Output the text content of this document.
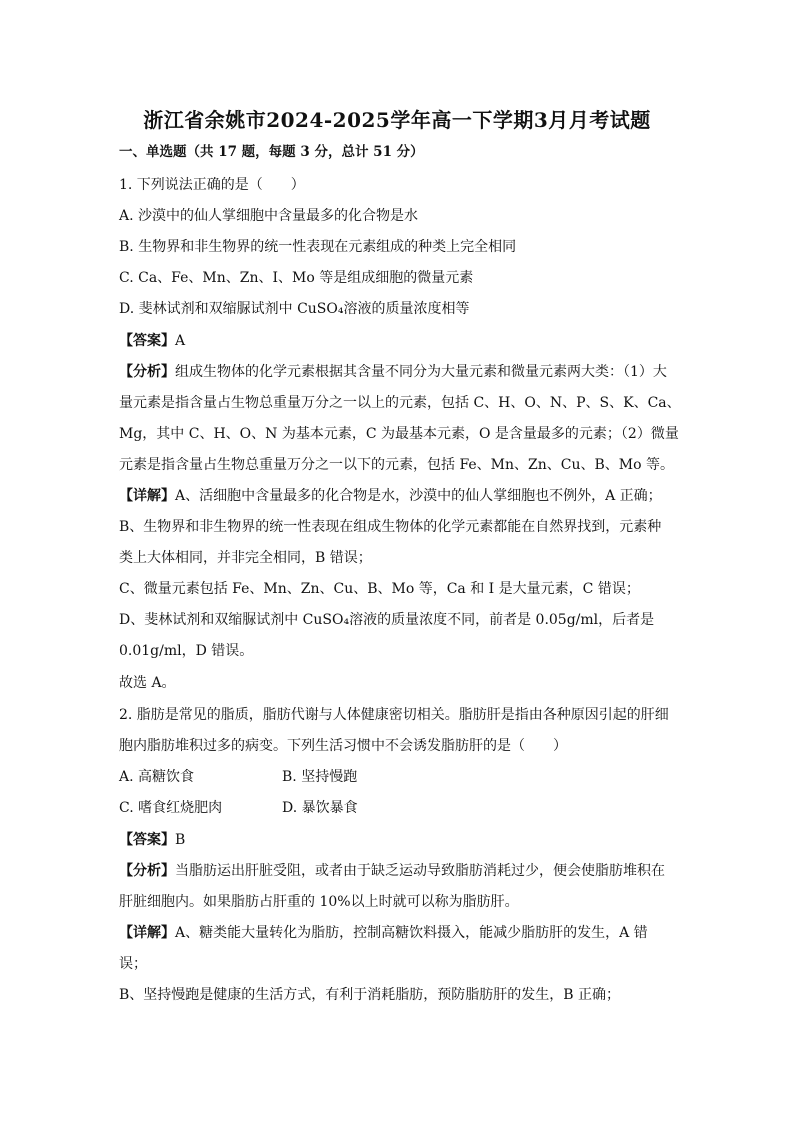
浙江省余姚市2024-2025学年高一下学期3月月考试题
一、单选题（共 17 题，每题 3 分，总计 51 分）
1. 下列说法正确的是（　　）
A. 沙漠中的仙人掌细胞中含量最多的化合物是水
B. 生物界和非生物界的统一性表现在元素组成的种类上完全相同
C. Ca、Fe、Mn、Zn、I、Mo 等是组成细胞的微量元素
D. 斐林试剂和双缩脲试剂中 CuSO₄溶液的质量浓度相等
【答案】A
【分析】组成生物体的化学元素根据其含量不同分为大量元素和微量元素两大类：（1）大
量元素是指含量占生物总重量万分之一以上的元素，包括 C、H、O、N、P、S、K、Ca、
Mg，其中 C、H、O、N 为基本元素，C 为最基本元素，O 是含量最多的元素；（2）微量
元素是指含量占生物总重量万分之一以下的元素，包括 Fe、Mn、Zn、Cu、B、Mo 等。
【详解】A、活细胞中含量最多的化合物是水，沙漠中的仙人掌细胞也不例外，A 正确；
B、生物界和非生物界的统一性表现在组成生物体的化学元素都能在自然界找到，元素种
类上大体相同，并非完全相同，B 错误；
C、微量元素包括 Fe、Mn、Zn、Cu、B、Mo 等，Ca 和 I 是大量元素，C 错误；
D、斐林试剂和双缩脲试剂中 CuSO₄溶液的质量浓度不同，前者是 0.05g/ml，后者是
0.01g/ml，D 错误。
故选 A。
2. 脂肪是常见的脂质，脂肪代谢与人体健康密切相关。脂肪肝是指由各种原因引起的肝细
胞内脂肪堆积过多的病变。下列生活习惯中不会诱发脂肪肝的是（　　）
A. 高糖饮食	B. 坚持慢跑
C. 嗜食红烧肥肉	D. 暴饮暴食
【答案】B
【分析】当脂肪运出肝脏受阻，或者由于缺乏运动导致脂肪消耗过少，便会使脂肪堆积在
肝脏细胞内。如果脂肪占肝重的 10%以上时就可以称为脂肪肝。
【详解】A、糖类能大量转化为脂肪，控制高糖饮料摄入，能减少脂肪肝的发生，A 错
误；
B、坚持慢跑是健康的生活方式，有利于消耗脂肪，预防脂肪肝的发生，B 正确；
